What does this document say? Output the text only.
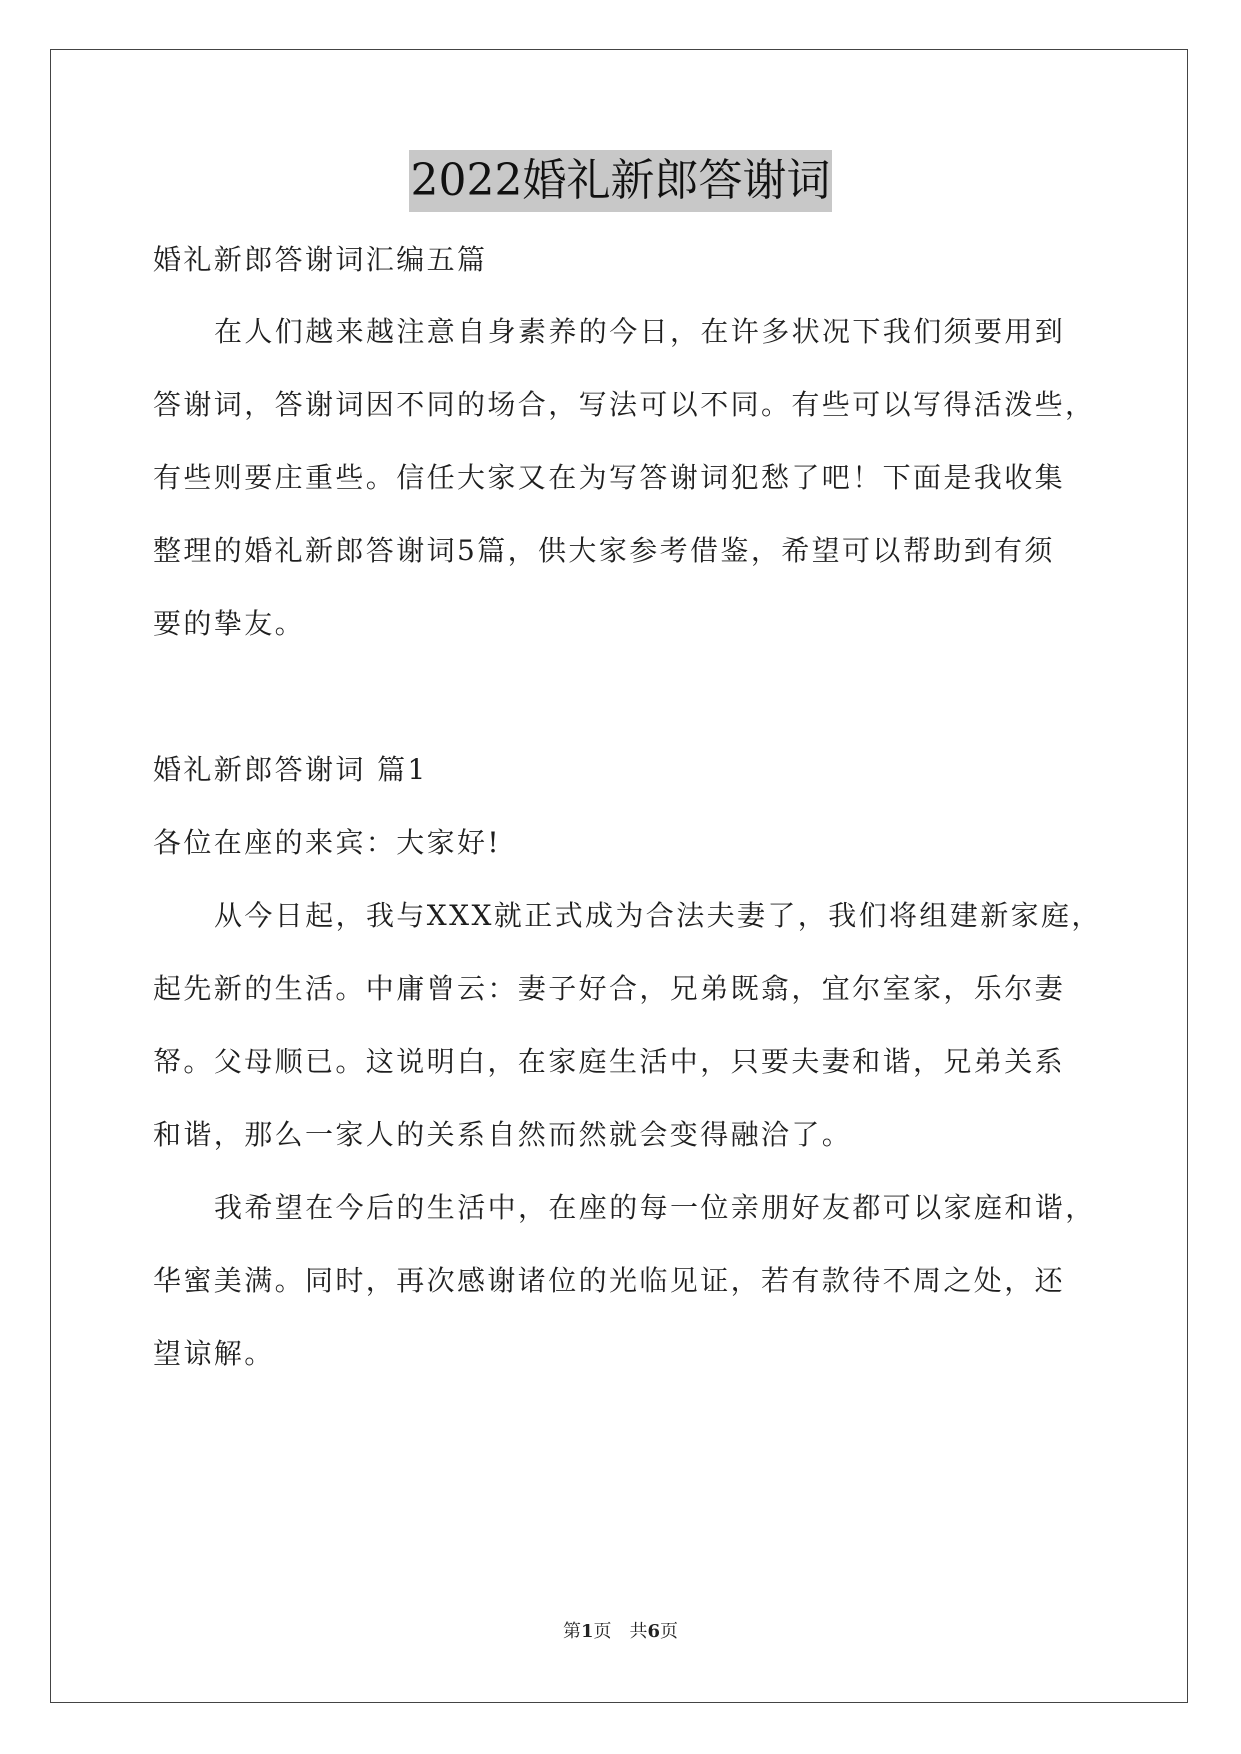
2022婚礼新郎答谢词
婚礼新郎答谢词汇编五篇
在人们越来越注意自身素养的今日，在许多状况下我们须要用到
答谢词，答谢词因不同的场合，写法可以不同。有些可以写得活泼些，
有些则要庄重些。信任大家又在为写答谢词犯愁了吧！下面是我收集
整理的婚礼新郎答谢词5篇，供大家参考借鉴，希望可以帮助到有须
要的挚友。
婚礼新郎答谢词 篇1
各位在座的来宾：大家好!
从今日起，我与XXX就正式成为合法夫妻了，我们将组建新家庭，
起先新的生活。中庸曾云：妻子好合，兄弟既翕，宜尔室家，乐尔妻
帑。父母顺已。这说明白，在家庭生活中，只要夫妻和谐，兄弟关系
和谐，那么一家人的关系自然而然就会变得融洽了。
我希望在今后的生活中，在座的每一位亲朋好友都可以家庭和谐，
华蜜美满。同时，再次感谢诸位的光临见证，若有款待不周之处，还
望谅解。
第1页　共6页
